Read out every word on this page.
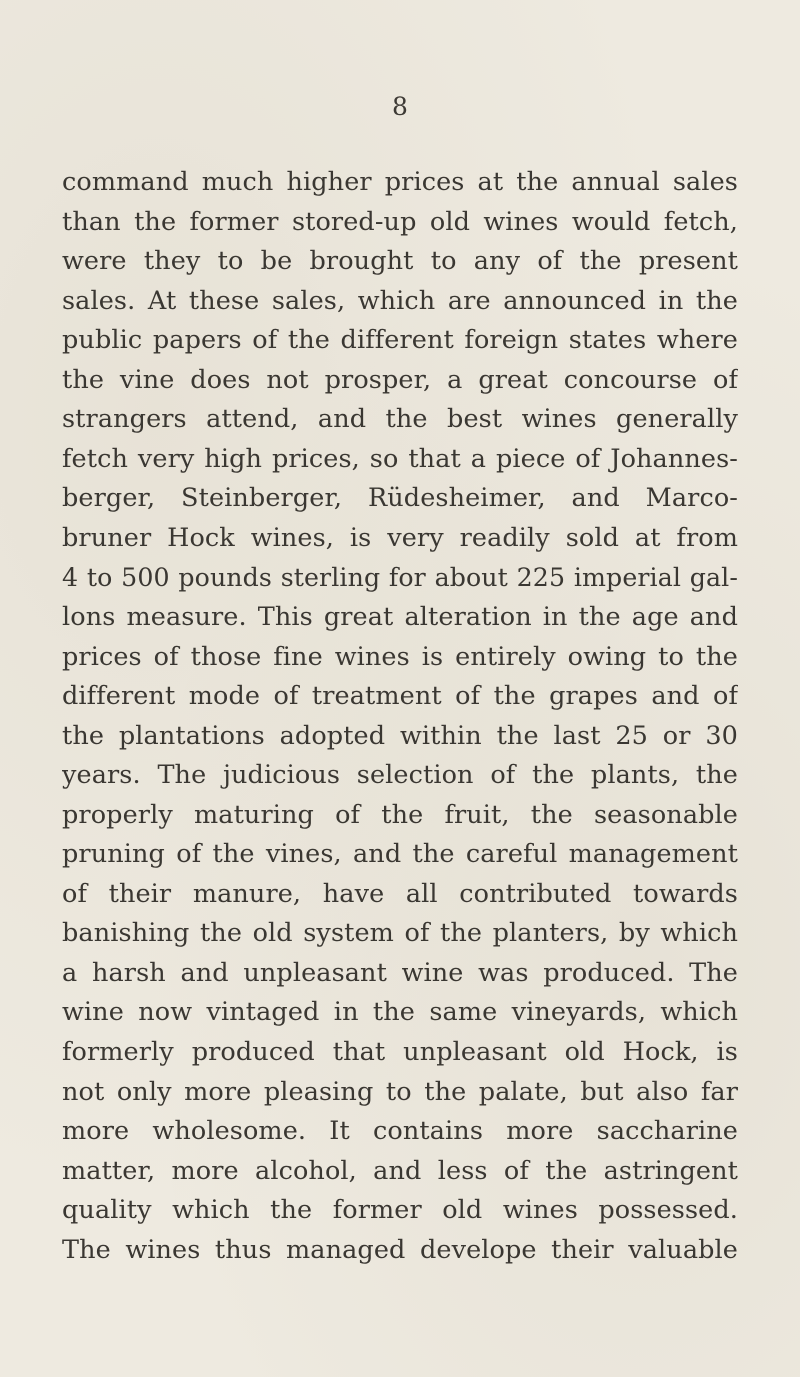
8
command much higher prices at the annual sales
than the former stored-up old wines would fetch,
were they to be brought to any of the present
sales. At these sales, which are announced in the
public papers of the different foreign states where
the vine does not prosper, a great concourse of
strangers attend, and the best wines generally
fetch very high prices, so that a piece of Johannes-
berger, Steinberger, Rüdesheimer, and Marco-
bruner Hock wines, is very readily sold at from
4 to 500 pounds sterling for about 225 imperial gal-
lons measure. This great alteration in the age and
prices of those fine wines is entirely owing to the
different mode of treatment of the grapes and of
the plantations adopted within the last 25 or 30
years. The judicious selection of the plants, the
properly maturing of the fruit, the seasonable
pruning of the vines, and the careful management
of their manure, have all contributed towards
banishing the old system of the planters, by which
a harsh and unpleasant wine was produced. The
wine now vintaged in the same vineyards, which
formerly produced that unpleasant old Hock, is
not only more pleasing to the palate, but also far
more wholesome. It contains more saccharine
matter, more alcohol, and less of the astringent
quality which the former old wines possessed.
The wines thus managed develope their valuable
